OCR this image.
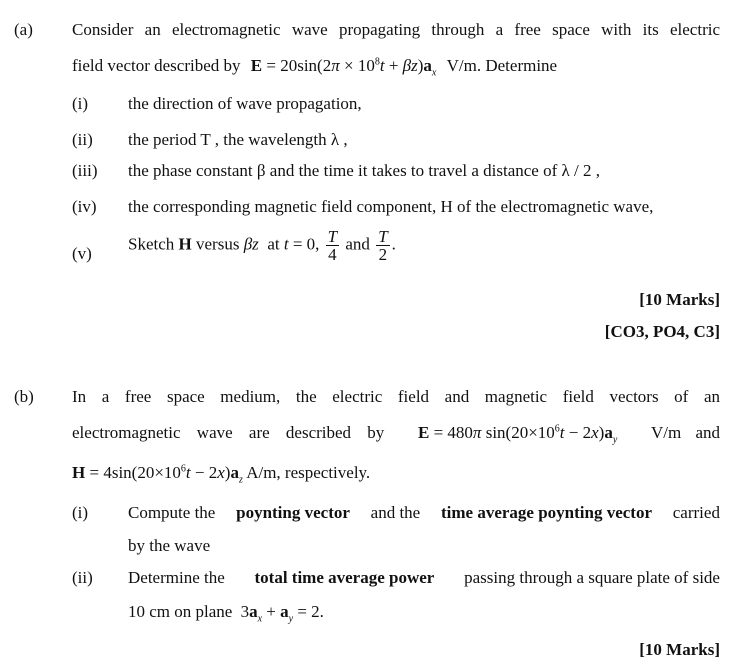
(a) Consider an electromagnetic wave propagating through a free space with its electric
field vector described by $E = 20\sin(2\pi \times 10^8t + \beta z)a_x$ V/m. Determine
(i) the direction of wave propagation,
(ii) the period T , the wavelength λ ,
(iii) the phase constant β and the time it takes to travel a distance of λ / 2 ,
(iv) the corresponding magnetic field component, H of the electromagnetic wave,
(v)
Sketch H versus βz  at t = 0, $\frac{T}{4}$ and $\frac{T}{2}$ .
[10 Marks]
[CO3, PO4, C3]
(b) In a free space medium, the electric field and magnetic field vectors of an
electromagnetic wave are described by E = 480π $\sin(20\times 10^6t - 2x)a_y$ V/m and
$H = 4\sin(20\times 10^6t - 2x)a_z$ A/m, respectively.
(i) Compute the poynting vector and the time average poynting vector carried
by the wave
(ii) Determine the total time average power passing through a square plate of side
10 cm on plane $3a_x + a_y = 2$.
[10 Marks]
